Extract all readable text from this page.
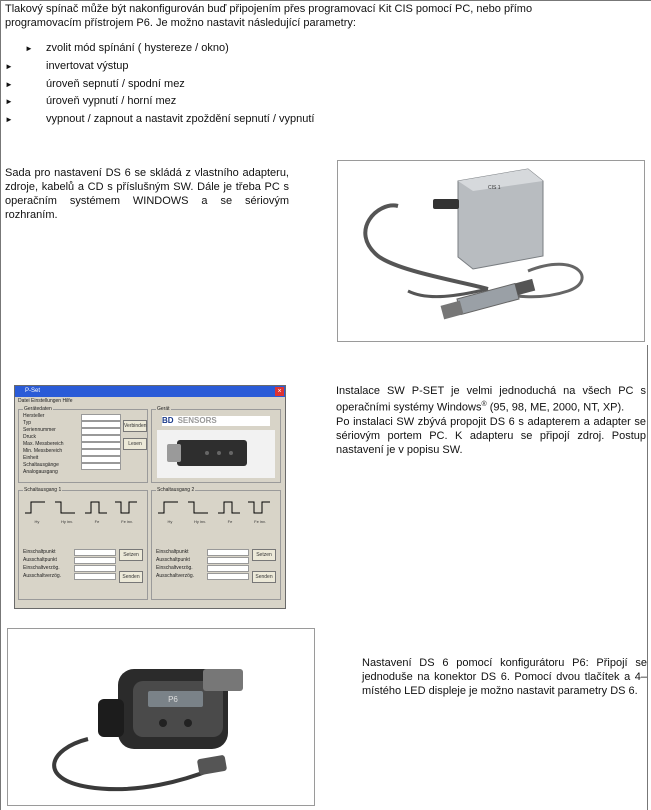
Tlakový spínač může být nakonfigurován buď připojením přes programovací Kit CIS pomocí PC, nebo přímo
programovacím přístrojem P6. Je možno nastavit následující parametry:
► zvolit mód spínání ( hystereze / okno)
►	invertovat výstup
►	úroveň sepnutí / spodní mez
►	úroveň vypnutí / horní mez
►	vypnout / zapnout a nastavit zpoždění sepnutí / vypnutí
Sada pro nastavení DS 6 se skládá z vlastního adapteru, zdroje, kabelů a CD s příslušným SW. Dále je třeba PC s operačním systémem WINDOWS a se sériovým rozhraním.
CIS 1
P-Set	×
Datei Einstellungen Hilfe
Gerätedaten
Hersteller
Typ
Seriennummer
Druck
Max. Messbereich
Min. Messbereich
Einheit
Schaltausgänge
Analogausgang
Verbinden
Lesen
Gerät
BD SENSORS
Schaltausgang 1
Hy	Hy inv.	Fe	Fe inv.
Einschaltpunkt
Ausschaltpunkt
Einschaltverzög.
Ausschaltverzög.
Setzen
Senden
Schaltausgang 2
Hy	Hy inv.	Fe	Fe inv.
Einschaltpunkt
Ausschaltpunkt
Einschaltverzög.
Ausschaltverzög.
Setzen
Senden
Instalace SW P-SET je velmi jednoduchá na všech PC s operačními systémy Windows® (95, 98, ME, 2000, NT, XP).
Po instalaci SW zbývá propojit DS 6 s adapterem a adapter se sériovým portem PC. K adapteru se připojí zdroj. Postup nastavení je v popisu SW.
P6
Nastavení DS 6 pomocí konfigurátoru P6: Připojí se jednoduše na konektor DS 6. Pomocí dvou tlačítek a 4–místého LED displeje je možno nastavit parametry DS 6.
